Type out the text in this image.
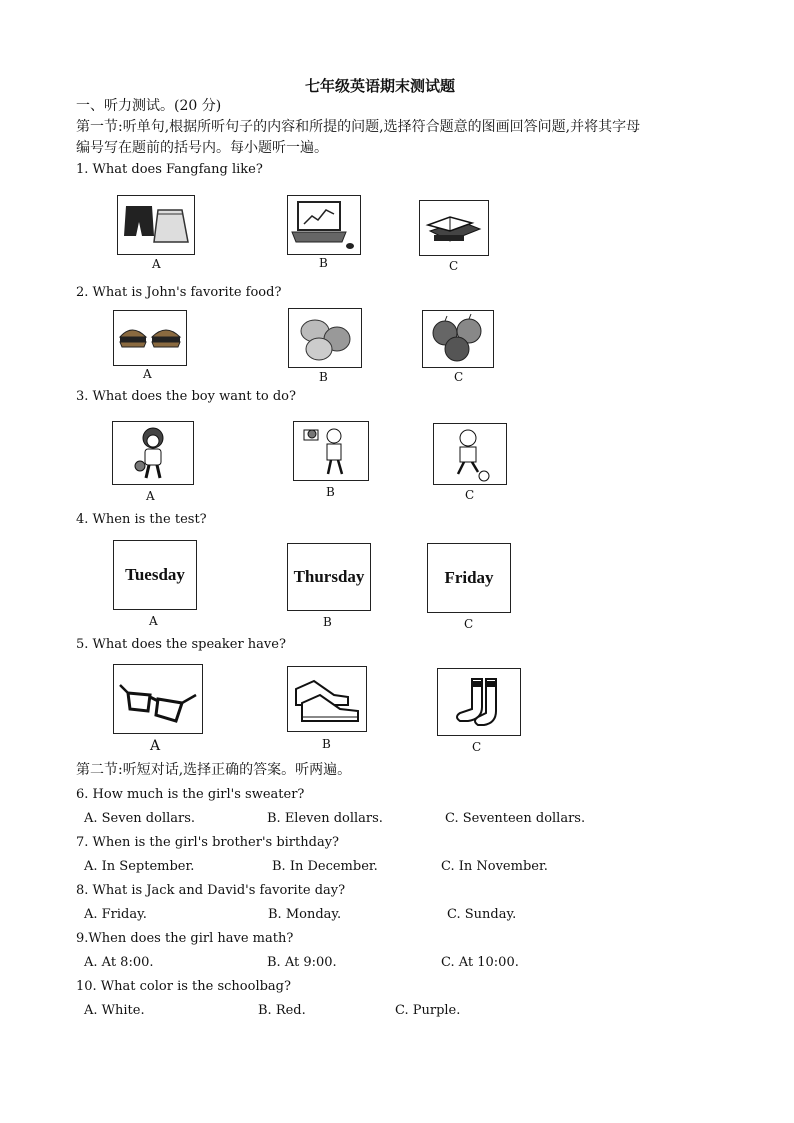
七年级英语期末测试题
一、听力测试。(20 分)
第一节:听单句,根据所听句子的内容和所提的问题,选择符合题意的图画回答问题,并将其字母
编号写在题前的括号内。每小题听一遍。
1. What does Fangfang like?
A	B	C
2. What is John's favorite food?
A	B	C
3. What does the boy want to do?
A	B	C
4. When is the test?
Tuesday
A
Thursday
B
Friday
C
5. What does the speaker have?
A	B	C
第二节:听短对话,选择正确的答案。听两遍。
6. How much is the girl's sweater?
A. Seven dollars.	B. Eleven dollars.	C. Seventeen dollars.
7. When is the girl's brother's birthday?
A. In September.	B. In December.	C. In November.
8. What is Jack and David's favorite day?
A. Friday.	B. Monday.	C. Sunday.
9.When does the girl have math?
A. At 8:00.	B. At 9:00.	C. At 10:00.
10. What color is the schoolbag?
A. White.	B. Red.	C. Purple.
